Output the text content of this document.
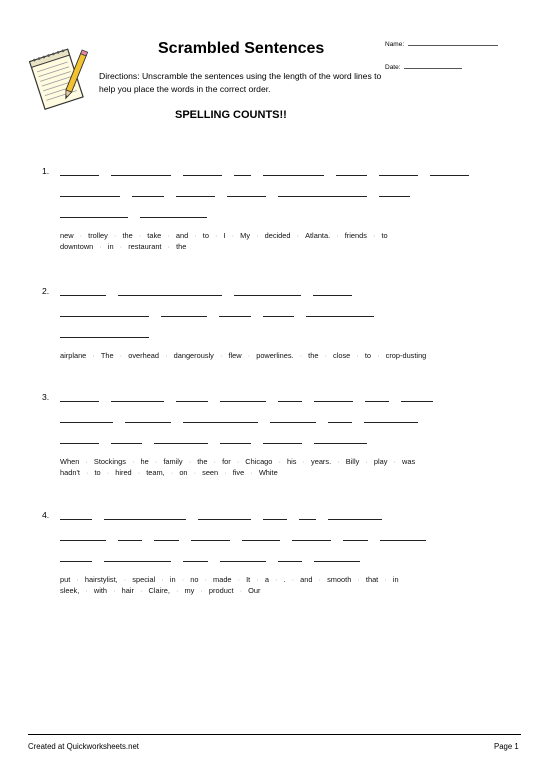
Scrambled Sentences	Name:
Date:
Directions: Unscramble the sentences using the length of the word lines to help you place the words in the correct order.
SPELLING COUNTS!!
1.
new · trolley · the · take · and · to · I · My · decided · Atlanta. · friends · to
downtown · in · restaurant · the
2.
airplane · The · overhead · dangerously · flew · powerlines. · the · close · to · crop-dusting
3.
When · Stockings · he · family · the · for · Chicago · his · years. · Billy · play · was
hadn't · to · hired · team, · on · seen · five · White
4.
put · hairstylist, · special · in · no · made · It · a · . · and · smooth · that · in
sleek, · with · hair · Claire, · my · product · Our
Created at Quickworksheets.net	Page 1
